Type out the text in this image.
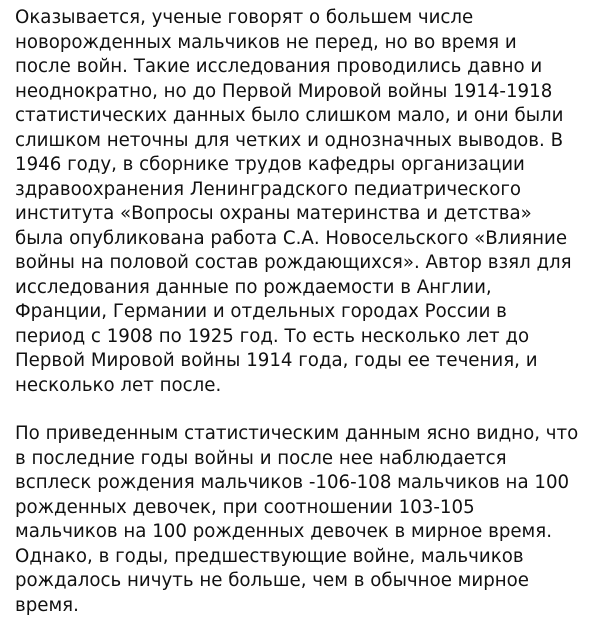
Оказывается, ученые говорят о большем числе
новорожденных мальчиков не перед, но во время и
после войн. Такие исследования проводились давно и
неоднократно, но до Первой Мировой войны 1914-1918
статистических данных было слишком мало, и они были
слишком неточны для четких и однозначных выводов. В
1946 году, в сборнике трудов кафедры организации
здравоохранения Ленинградского педиатрического
института «Вопросы охраны материнства и детства»
была опубликована работа С.А. Новосельского «Влияние
войны на половой состав рождающихся». Автор взял для
исследования данные по рождаемости в Англии,
Франции, Германии и отдельных городах России в
период с 1908 по 1925 год. То есть несколько лет до
Первой Мировой войны 1914 года, годы ее течения, и
несколько лет после.

По приведенным статистическим данным ясно видно, что
в последние годы войны и после нее наблюдается
всплеск рождения мальчиков -106-108 мальчиков на 100
рожденных девочек, при соотношении 103-105
мальчиков на 100 рожденных девочек в мирное время.
Однако, в годы, предшествующие войне, мальчиков
рождалось ничуть не больше, чем в обычное мирное
время.
